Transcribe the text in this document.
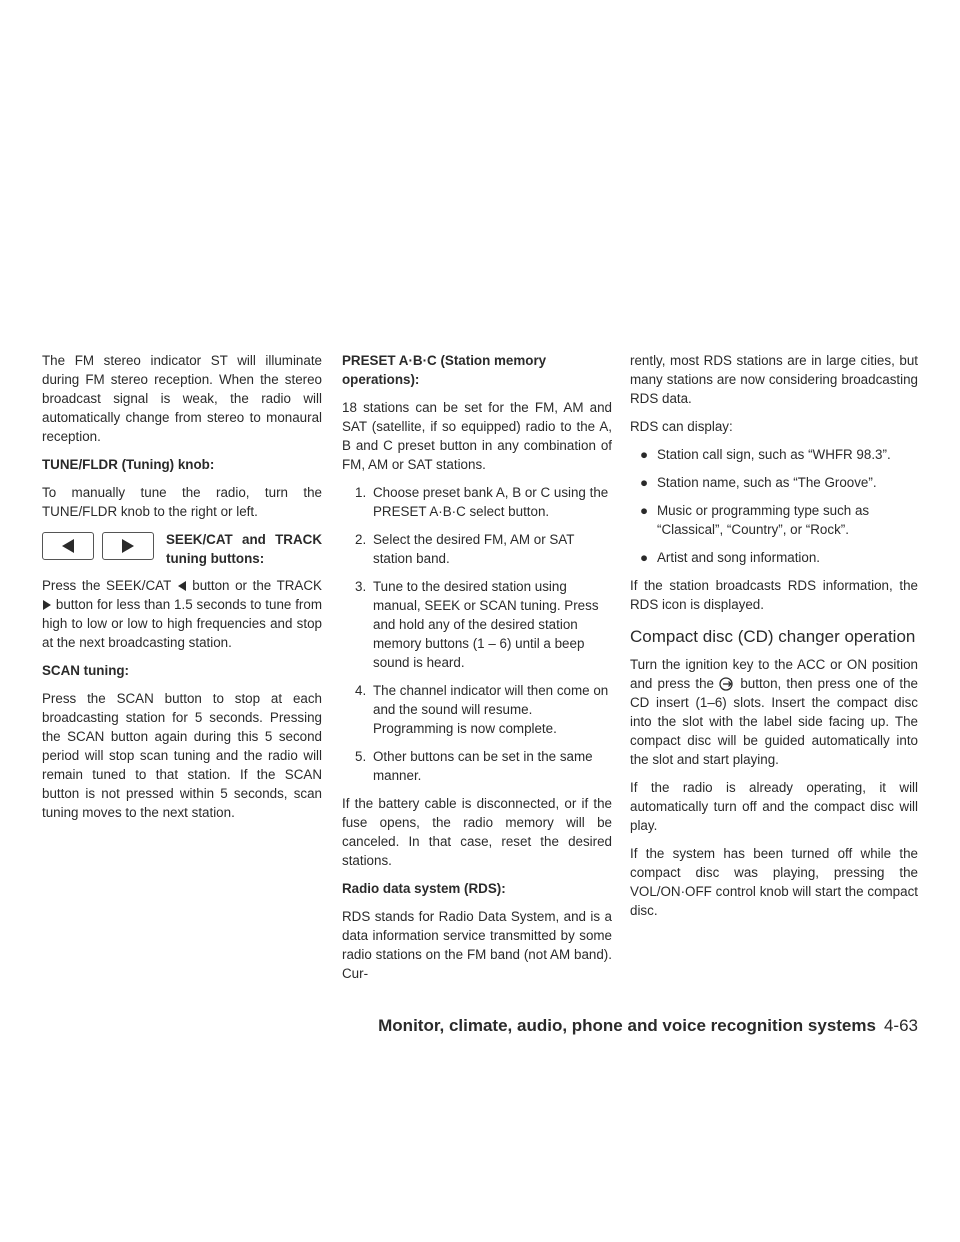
The FM stereo indicator ST will illuminate during FM stereo reception. When the stereo broadcast signal is weak, the radio will automatically change from stereo to monaural reception.

TUNE/FLDR (Tuning) knob:

To manually tune the radio, turn the TUNE/FLDR knob to the right or left.

SEEK/CAT and TRACK tuning buttons:

Press the SEEK/CAT button or the TRACK  button for less than 1.5 seconds to tune from high to low or low to high frequencies and stop at the next broadcasting station.

SCAN tuning:

Press the SCAN button to stop at each broadcasting station for 5 seconds. Pressing the SCAN button again during this 5 second period will stop scan tuning and the radio will remain tuned to that station. If the SCAN button is not pressed within 5 seconds, scan tuning moves to the next station.

PRESET A·B·C (Station memory operations):

18 stations can be set for the FM, AM and SAT (satellite, if so equipped) radio to the A, B and C preset button in any combination of FM, AM or SAT stations.

1. Choose preset bank A, B or C using the PRESET A·B·C select button.
2. Select the desired FM, AM or SAT station band.
3. Tune to the desired station using manual, SEEK or SCAN tuning. Press and hold any of the desired station memory buttons (1 – 6) until a beep sound is heard.
4. The channel indicator will then come on and the sound will resume. Programming is now complete.
5. Other buttons can be set in the same manner.

If the battery cable is disconnected, or if the fuse opens, the radio memory will be canceled. In that case, reset the desired stations.

Radio data system (RDS):

RDS stands for Radio Data System, and is a data information service transmitted by some radio stations on the FM band (not AM band). Cur-

rently, most RDS stations are in large cities, but many stations are now considering broadcasting RDS data.

RDS can display:

● Station call sign, such as “WHFR 98.3”.
● Station name, such as “The Groove”.
● Music or programming type such as “Classical”, “Country”, or “Rock”.
● Artist and song information.

If the station broadcasts RDS information, the RDS icon is displayed.

Compact disc (CD) changer operation

Turn the ignition key to the ACC or ON position and press the button, then press one of the CD insert (1–6) slots. Insert the compact disc into the slot with the label side facing up. The compact disc will be guided automatically into the slot and start playing.

If the radio is already operating, it will automatically turn off and the compact disc will play.

If the system has been turned off while the compact disc was playing, pressing the VOL/ON·OFF control knob will start the compact disc.

Monitor, climate, audio, phone and voice recognition systems 4-63
